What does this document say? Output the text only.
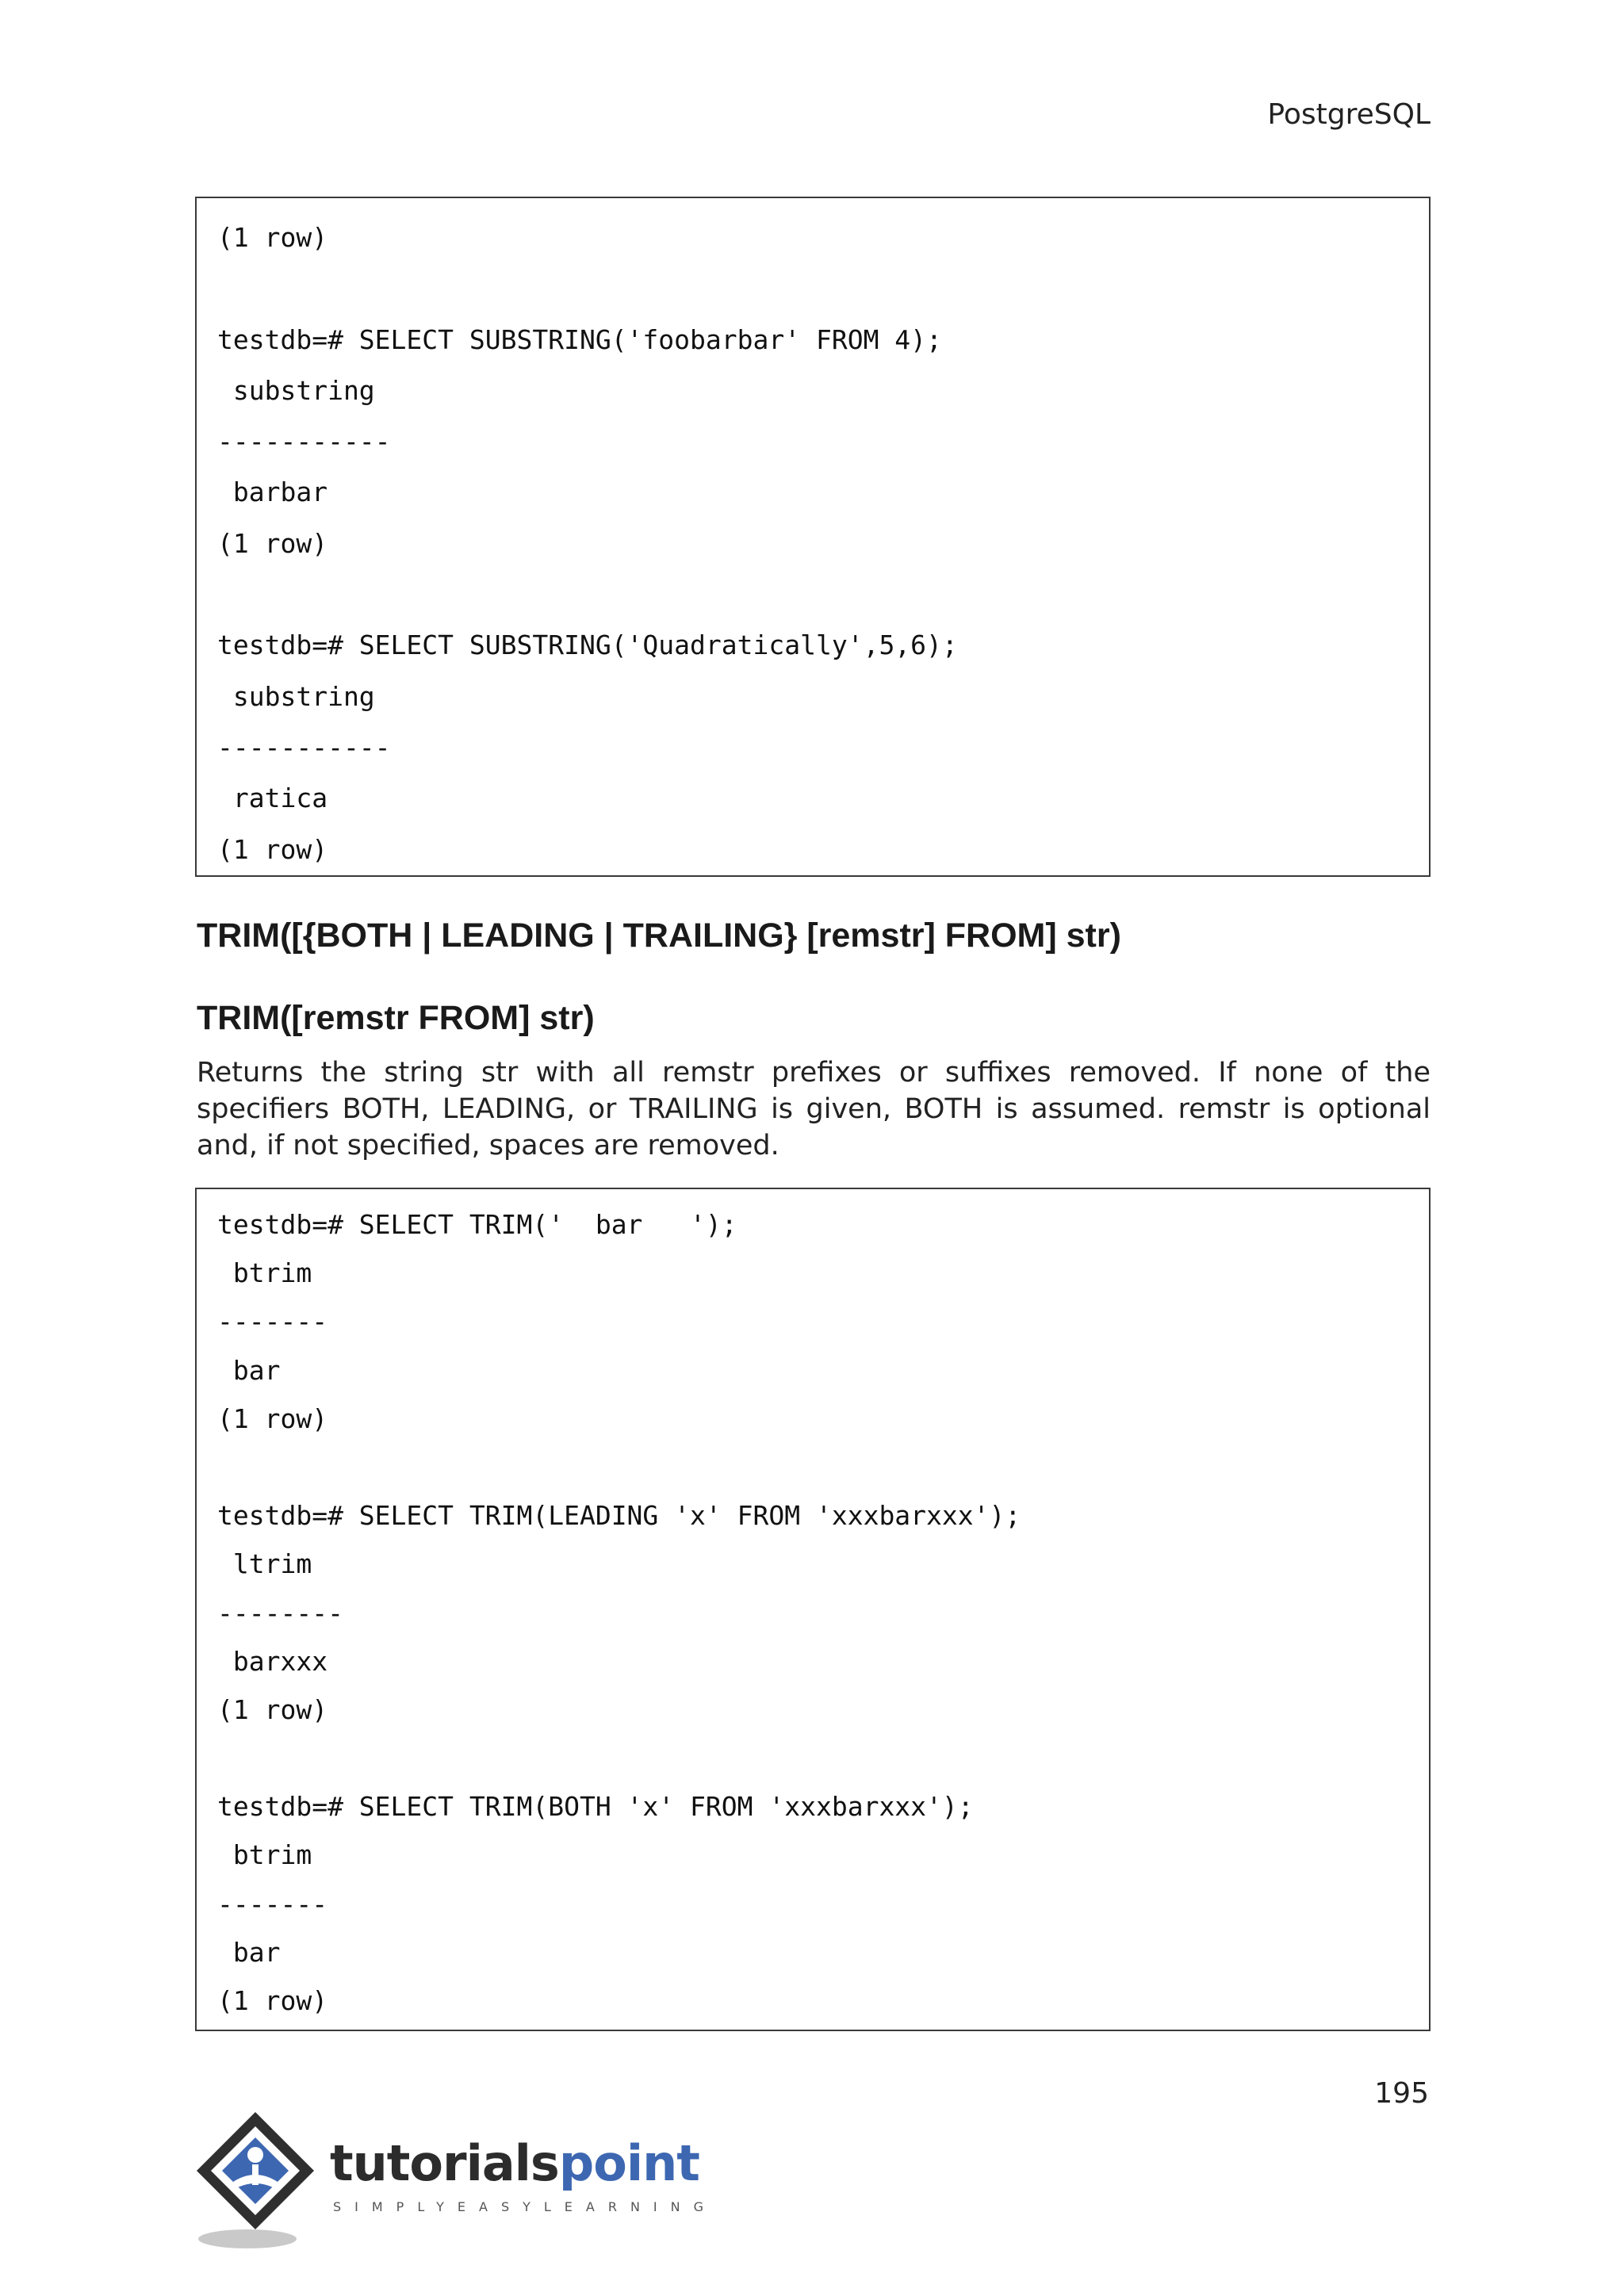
PostgreSQL
(1 row)
testdb=# SELECT SUBSTRING('foobarbar' FROM 4);
substring
-----------
barbar
(1 row)
testdb=# SELECT SUBSTRING('Quadratically',5,6);
substring
-----------
ratica
(1 row)
TRIM([{BOTH | LEADING | TRAILING} [remstr] FROM] str)
TRIM([remstr FROM] str)

Returns the string str with all remstr prefixes or suffixes removed. If none of the specifiers BOTH, LEADING, or TRAILING is given, BOTH is assumed. remstr is optional and, if not specified, spaces are removed.

testdb=# SELECT TRIM('  bar   ');
btrim
-------
bar
(1 row)
testdb=# SELECT TRIM(LEADING 'x' FROM 'xxxbarxxx');
ltrim
--------
barxxx
(1 row)
testdb=# SELECT TRIM(BOTH 'x' FROM 'xxxbarxxx');
btrim
-------
bar
(1 row)
195
tutorialspoint
SIMPLYEASYLEARNING
